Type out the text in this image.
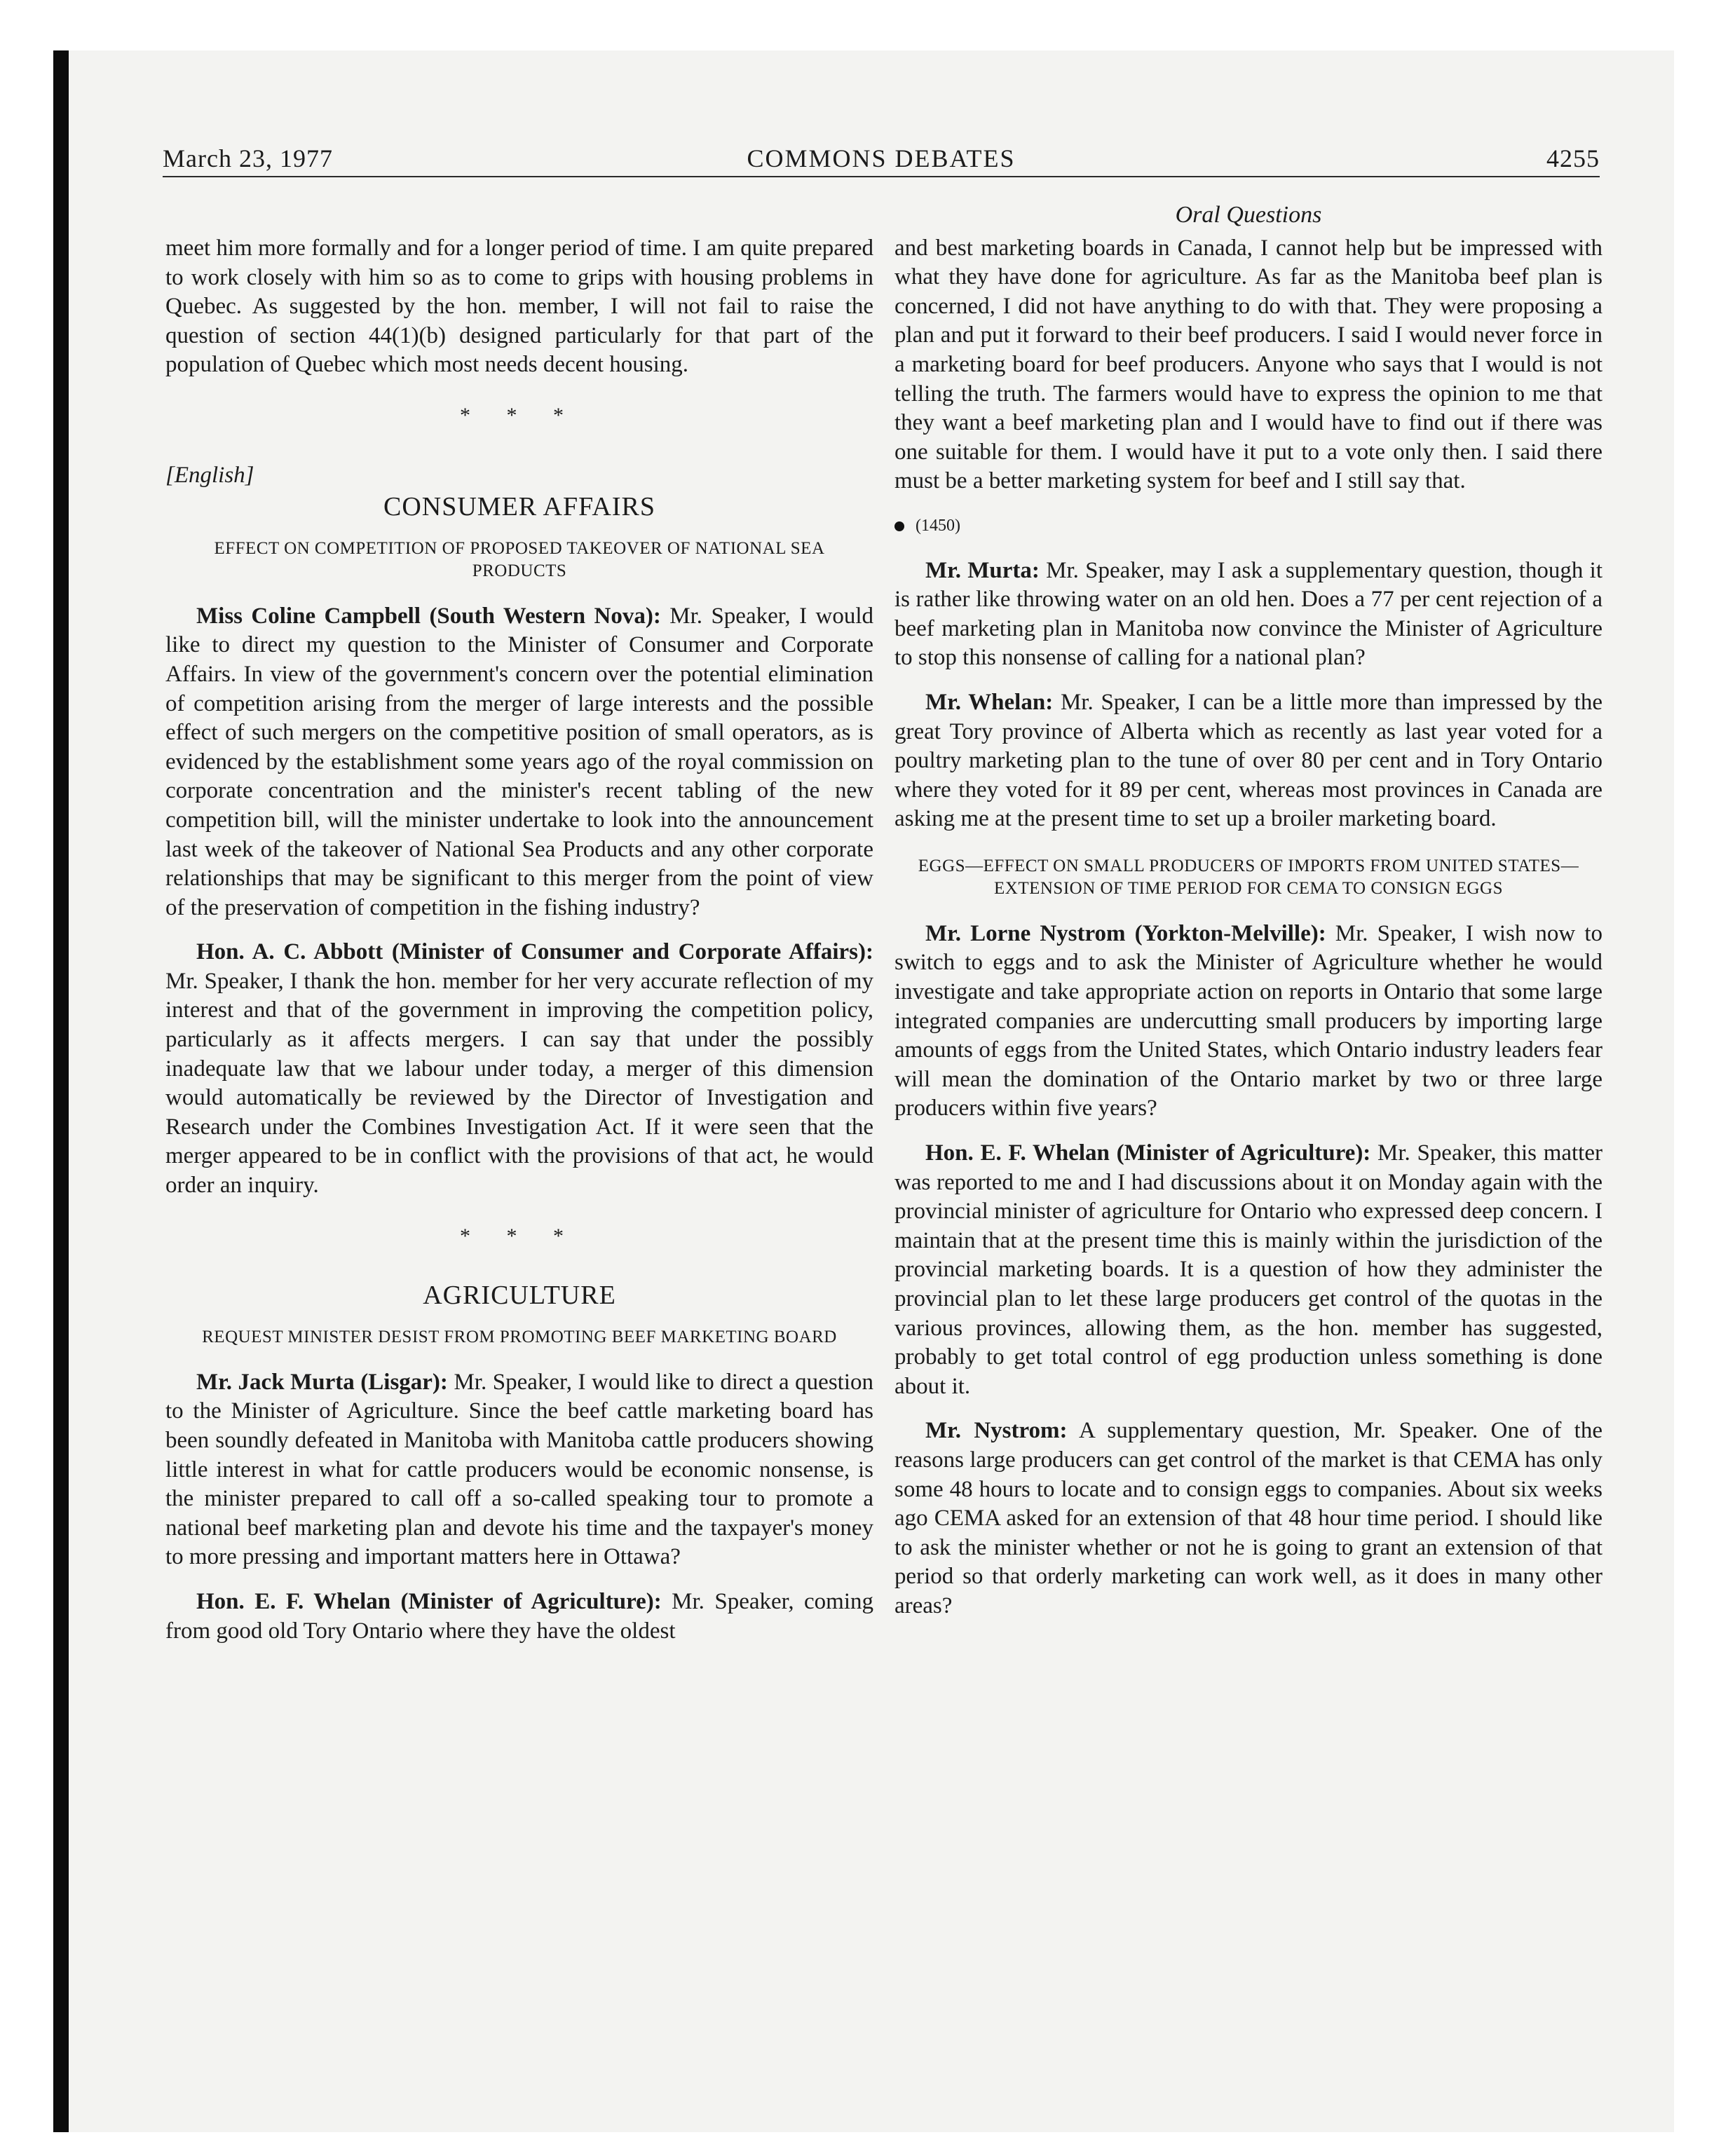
March 23, 1977	COMMONS DEBATES	4255

meet him more formally and for a longer period of time. I am quite prepared to work closely with him so as to come to grips with housing problems in Quebec. As suggested by the hon. member, I will not fail to raise the question of section 44(1)(b) designed particularly for that part of the population of Quebec which most needs decent housing.

* * *
[English]
CONSUMER AFFAIRS
EFFECT ON COMPETITION OF PROPOSED TAKEOVER OF NATIONAL SEA PRODUCTS

Miss Coline Campbell (South Western Nova): Mr. Speaker, I would like to direct my question to the Minister of Consumer and Corporate Affairs. In view of the government's concern over the potential elimination of competition arising from the merger of large interests and the possible effect of such mergers on the competitive position of small operators, as is evidenced by the establishment some years ago of the royal commission on corporate concentration and the minister's recent tabling of the new competition bill, will the minister undertake to look into the announcement last week of the takeover of National Sea Products and any other corporate relationships that may be significant to this merger from the point of view of the preservation of competition in the fishing industry?

Hon. A. C. Abbott (Minister of Consumer and Corporate Affairs): Mr. Speaker, I thank the hon. member for her very accurate reflection of my interest and that of the government in improving the competition policy, particularly as it affects mergers. I can say that under the possibly inadequate law that we labour under today, a merger of this dimension would automatically be reviewed by the Director of Investigation and Research under the Combines Investigation Act. If it were seen that the merger appeared to be in conflict with the provisions of that act, he would order an inquiry.

* * *
AGRICULTURE
REQUEST MINISTER DESIST FROM PROMOTING BEEF MARKETING BOARD

Mr. Jack Murta (Lisgar): Mr. Speaker, I would like to direct a question to the Minister of Agriculture. Since the beef cattle marketing board has been soundly defeated in Manitoba with Manitoba cattle producers showing little interest in what for cattle producers would be economic nonsense, is the minister prepared to call off a so-called speaking tour to promote a national beef marketing plan and devote his time and the taxpayer's money to more pressing and important matters here in Ottawa?

Hon. E. F. Whelan (Minister of Agriculture): Mr. Speaker, coming from good old Tory Ontario where they have the oldest

Oral Questions

and best marketing boards in Canada, I cannot help but be impressed with what they have done for agriculture. As far as the Manitoba beef plan is concerned, I did not have anything to do with that. They were proposing a plan and put it forward to their beef producers. I said I would never force in a marketing board for beef producers. Anyone who says that I would is not telling the truth. The farmers would have to express the opinion to me that they want a beef marketing plan and I would have to find out if there was one suitable for them. I would have it put to a vote only then. I said there must be a better marketing system for beef and I still say that.

(1450)

Mr. Murta: Mr. Speaker, may I ask a supplementary question, though it is rather like throwing water on an old hen. Does a 77 per cent rejection of a beef marketing plan in Manitoba now convince the Minister of Agriculture to stop this nonsense of calling for a national plan?

Mr. Whelan: Mr. Speaker, I can be a little more than impressed by the great Tory province of Alberta which as recently as last year voted for a poultry marketing plan to the tune of over 80 per cent and in Tory Ontario where they voted for it 89 per cent, whereas most provinces in Canada are asking me at the present time to set up a broiler marketing board.

EGGS—EFFECT ON SMALL PRODUCERS OF IMPORTS FROM UNITED STATES—EXTENSION OF TIME PERIOD FOR CEMA TO CONSIGN EGGS

Mr. Lorne Nystrom (Yorkton-Melville): Mr. Speaker, I wish now to switch to eggs and to ask the Minister of Agriculture whether he would investigate and take appropriate action on reports in Ontario that some large integrated companies are undercutting small producers by importing large amounts of eggs from the United States, which Ontario industry leaders fear will mean the domination of the Ontario market by two or three large producers within five years?

Hon. E. F. Whelan (Minister of Agriculture): Mr. Speaker, this matter was reported to me and I had discussions about it on Monday again with the provincial minister of agriculture for Ontario who expressed deep concern. I maintain that at the present time this is mainly within the jurisdiction of the provincial marketing boards. It is a question of how they administer the provincial plan to let these large producers get control of the quotas in the various provinces, allowing them, as the hon. member has suggested, probably to get total control of egg production unless something is done about it.

Mr. Nystrom: A supplementary question, Mr. Speaker. One of the reasons large producers can get control of the market is that CEMA has only some 48 hours to locate and to consign eggs to companies. About six weeks ago CEMA asked for an extension of that 48 hour time period. I should like to ask the minister whether or not he is going to grant an extension of that period so that orderly marketing can work well, as it does in many other areas?
